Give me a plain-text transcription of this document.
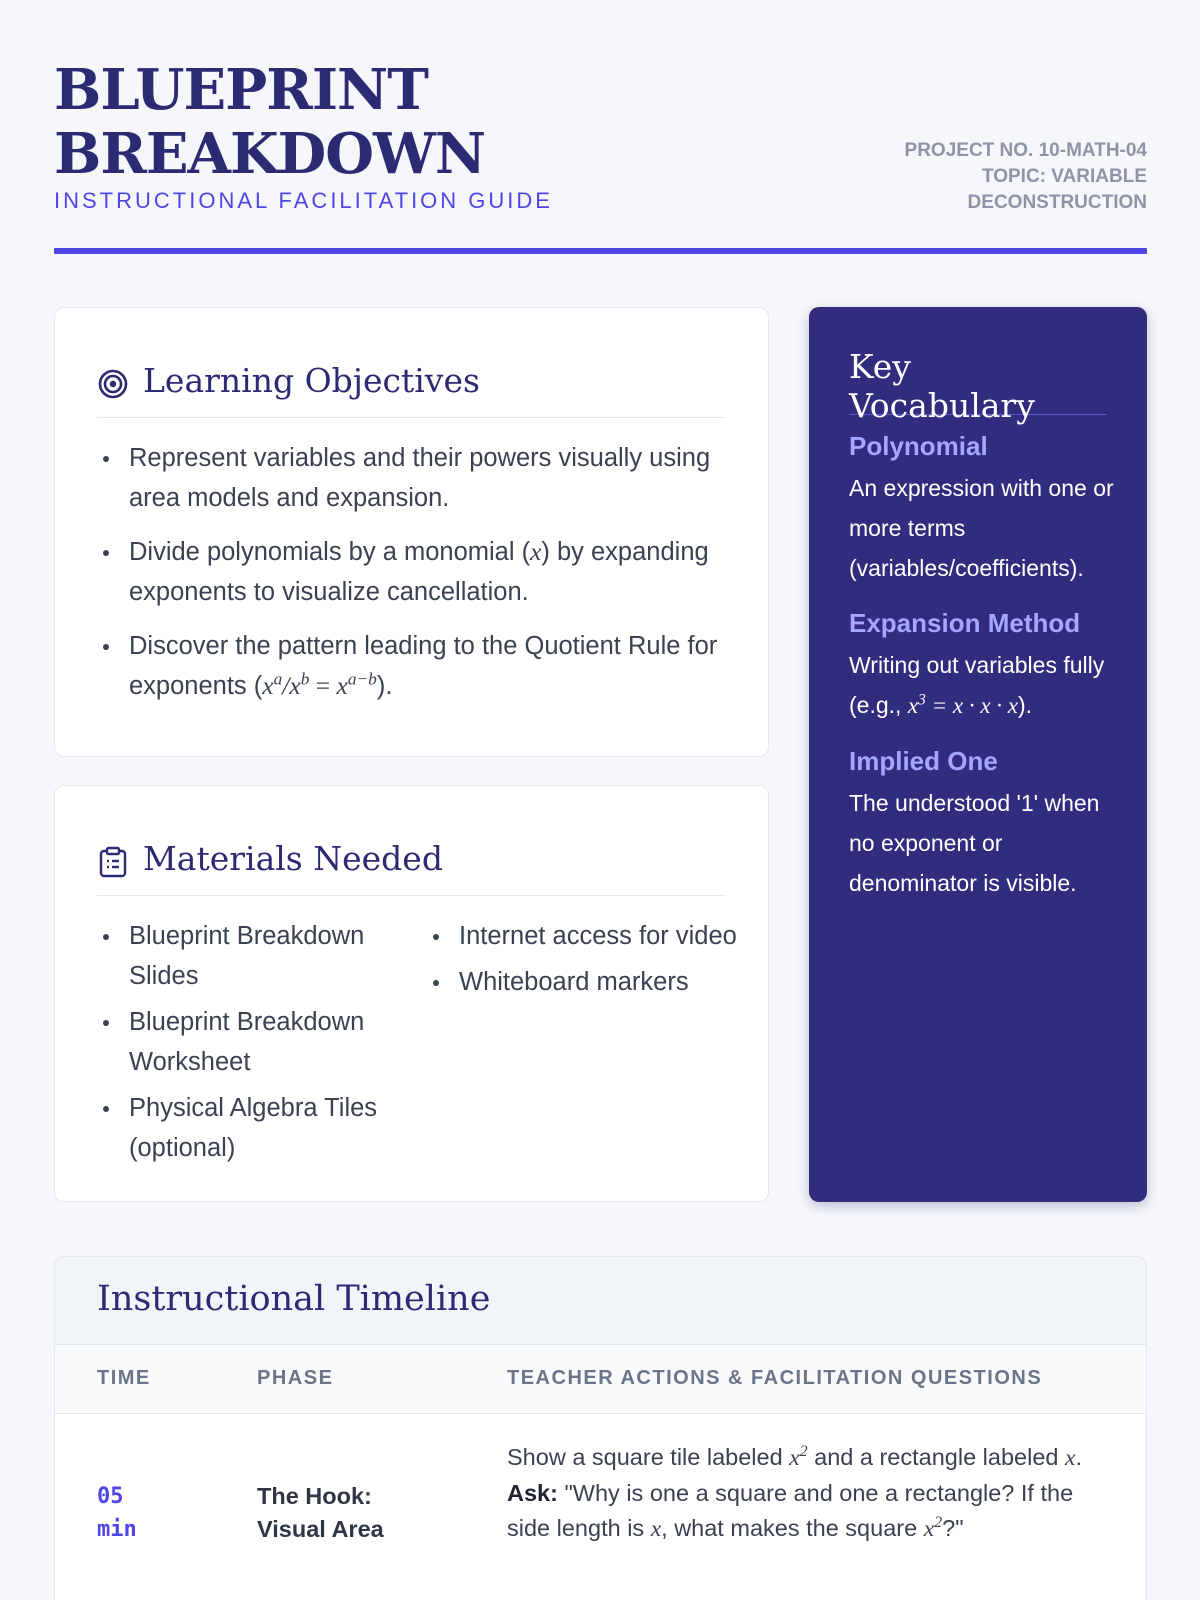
BLUEPRINT BREAKDOWN
INSTRUCTIONAL FACILITATION GUIDE
PROJECT NO. 10-MATH-04
TOPIC: VARIABLE
DECONSTRUCTION
Learning Objectives
Represent variables and their powers visually using area models and expansion.
Divide polynomials by a monomial (x) by expanding exponents to visualize cancellation.
Discover the pattern leading to the Quotient Rule for exponents $(x^a/x^b = x^{a-b})$.
Materials Needed
Blueprint Breakdown Slides
Blueprint Breakdown Worksheet
Physical Algebra Tiles (optional)
Internet access for video
Whiteboard markers
Key Vocabulary
Polynomial
An expression with one or more terms (variables/coefficients).
Expansion Method
Writing out variables fully (e.g., $x^3 = x \cdot x \cdot x$).
Implied One
The understood '1' when no exponent or denominator is visible.
Instructional Timeline
TIME	PHASE	TEACHER ACTIONS & FACILITATION QUESTIONS
05
min
The Hook: Visual Area
Show a square tile labeled $x^2$ and a rectangle labeled x.
Ask: "Why is one a square and one a rectangle? If the side length is x, what makes the square $x^2$?"
